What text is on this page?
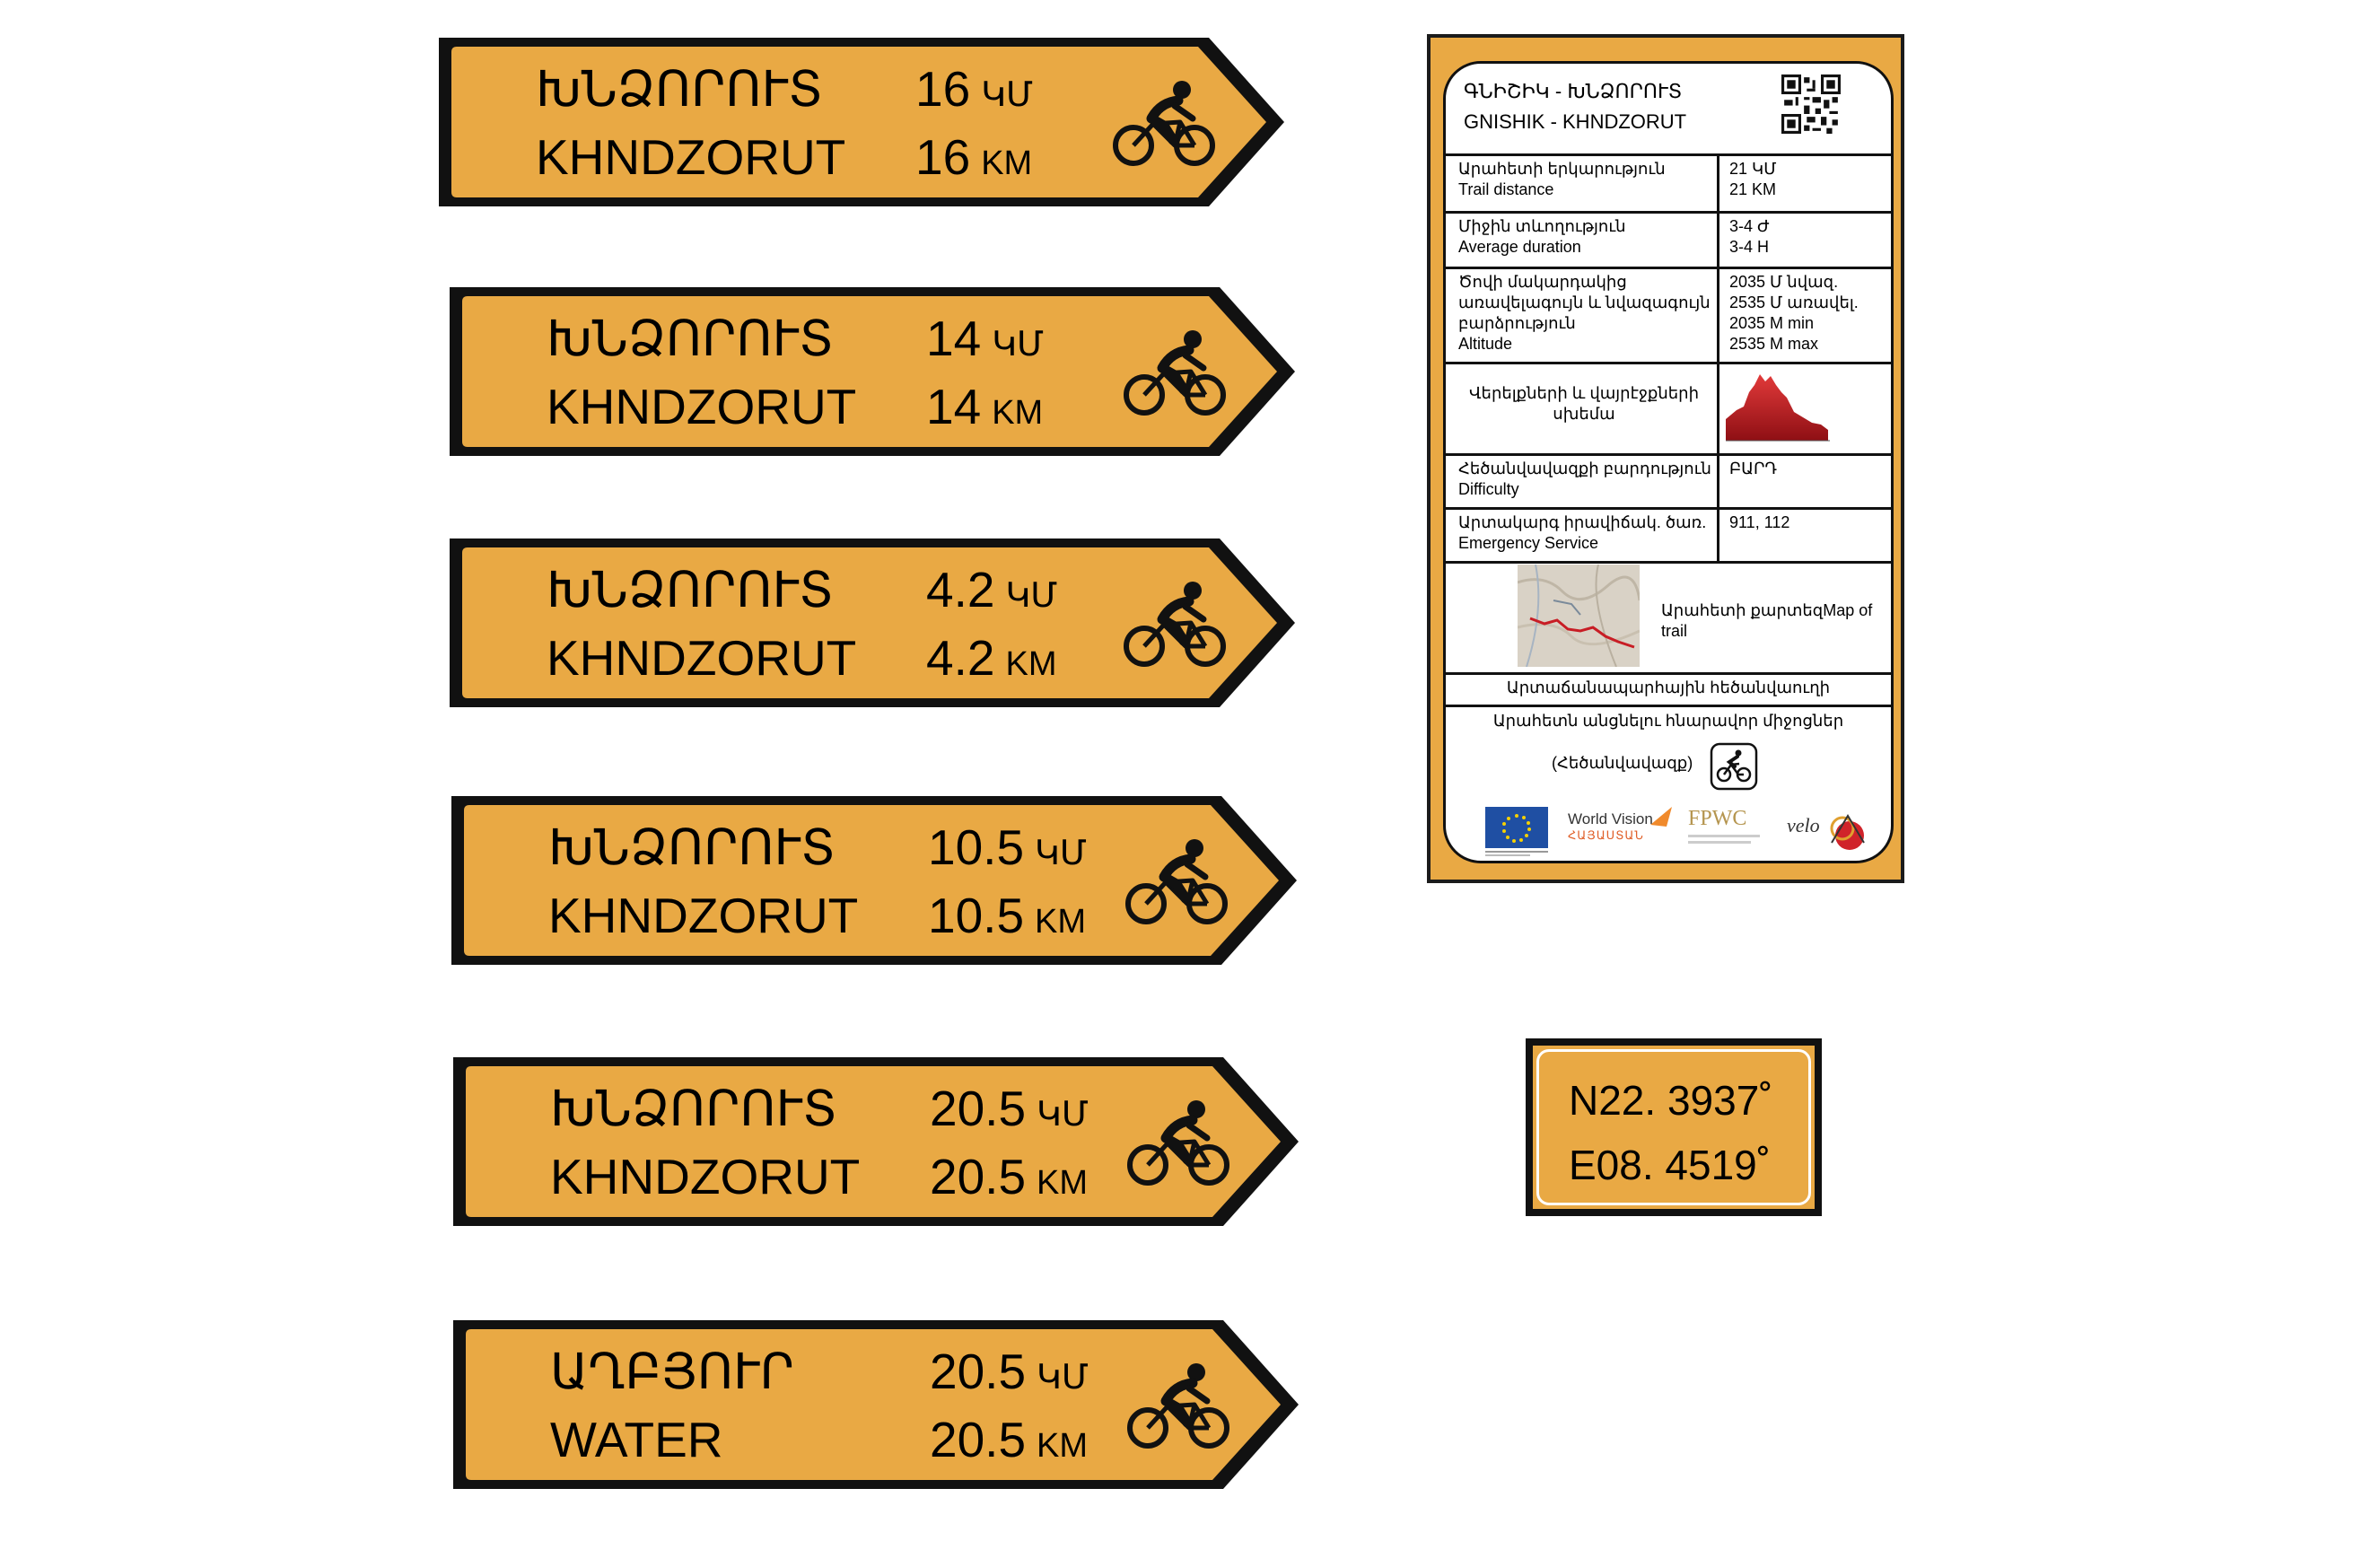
ԽՆՁՈՐՈՒՏ
KHNDZORUT
16 ԿՄ
16 KM
ԽՆՁՈՐՈՒՏ
KHNDZORUT
14 ԿՄ
14 KM
ԽՆՁՈՐՈՒՏ
KHNDZORUT
4.2 ԿՄ
4.2 KM
ԽՆՁՈՐՈՒՏ
KHNDZORUT
10.5 ԿՄ
10.5 KM
ԽՆՁՈՐՈՒՏ
KHNDZORUT
20.5 ԿՄ
20.5 KM
ԱՂԲՅՈՒՐ
WATER
20.5 ԿՄ
20.5 KM
ԳՆԻՇԻԿ - ԽՆՁՈՐՈՒՏ
GNISHIK - KHNDZORUT
Արահետի երկարություն
Trail distance
21 ԿՄ
21 KM
Միջին տևողություն
Average duration
3-4 Ժ
3-4 H
Ծովի մակարդակից
առավելագույն և նվազագույն
բարձրություն
Altitude
2035 Մ նվազ.
2535 Մ առավել.
2035 M min
2535 M max
Վերելքների և վայրէջքների
սխեմա
Հեծանվավազքի բարդություն
Difficulty
ԲԱՐԴ
Արտակարգ իրավիճակ. ծառ.
Emergency Service
911, 112
Արահետի քարտեզMap of trail
Արտաճանապարհային հեծանվաուղի
Արահետն անցնելու հնարավոր միջոցներ
(Հեծանվավազք)
World Vision
ՀԱՅԱՍՏԱՆ
FPWC	velo
N22. 3937˚
E08. 4519˚
